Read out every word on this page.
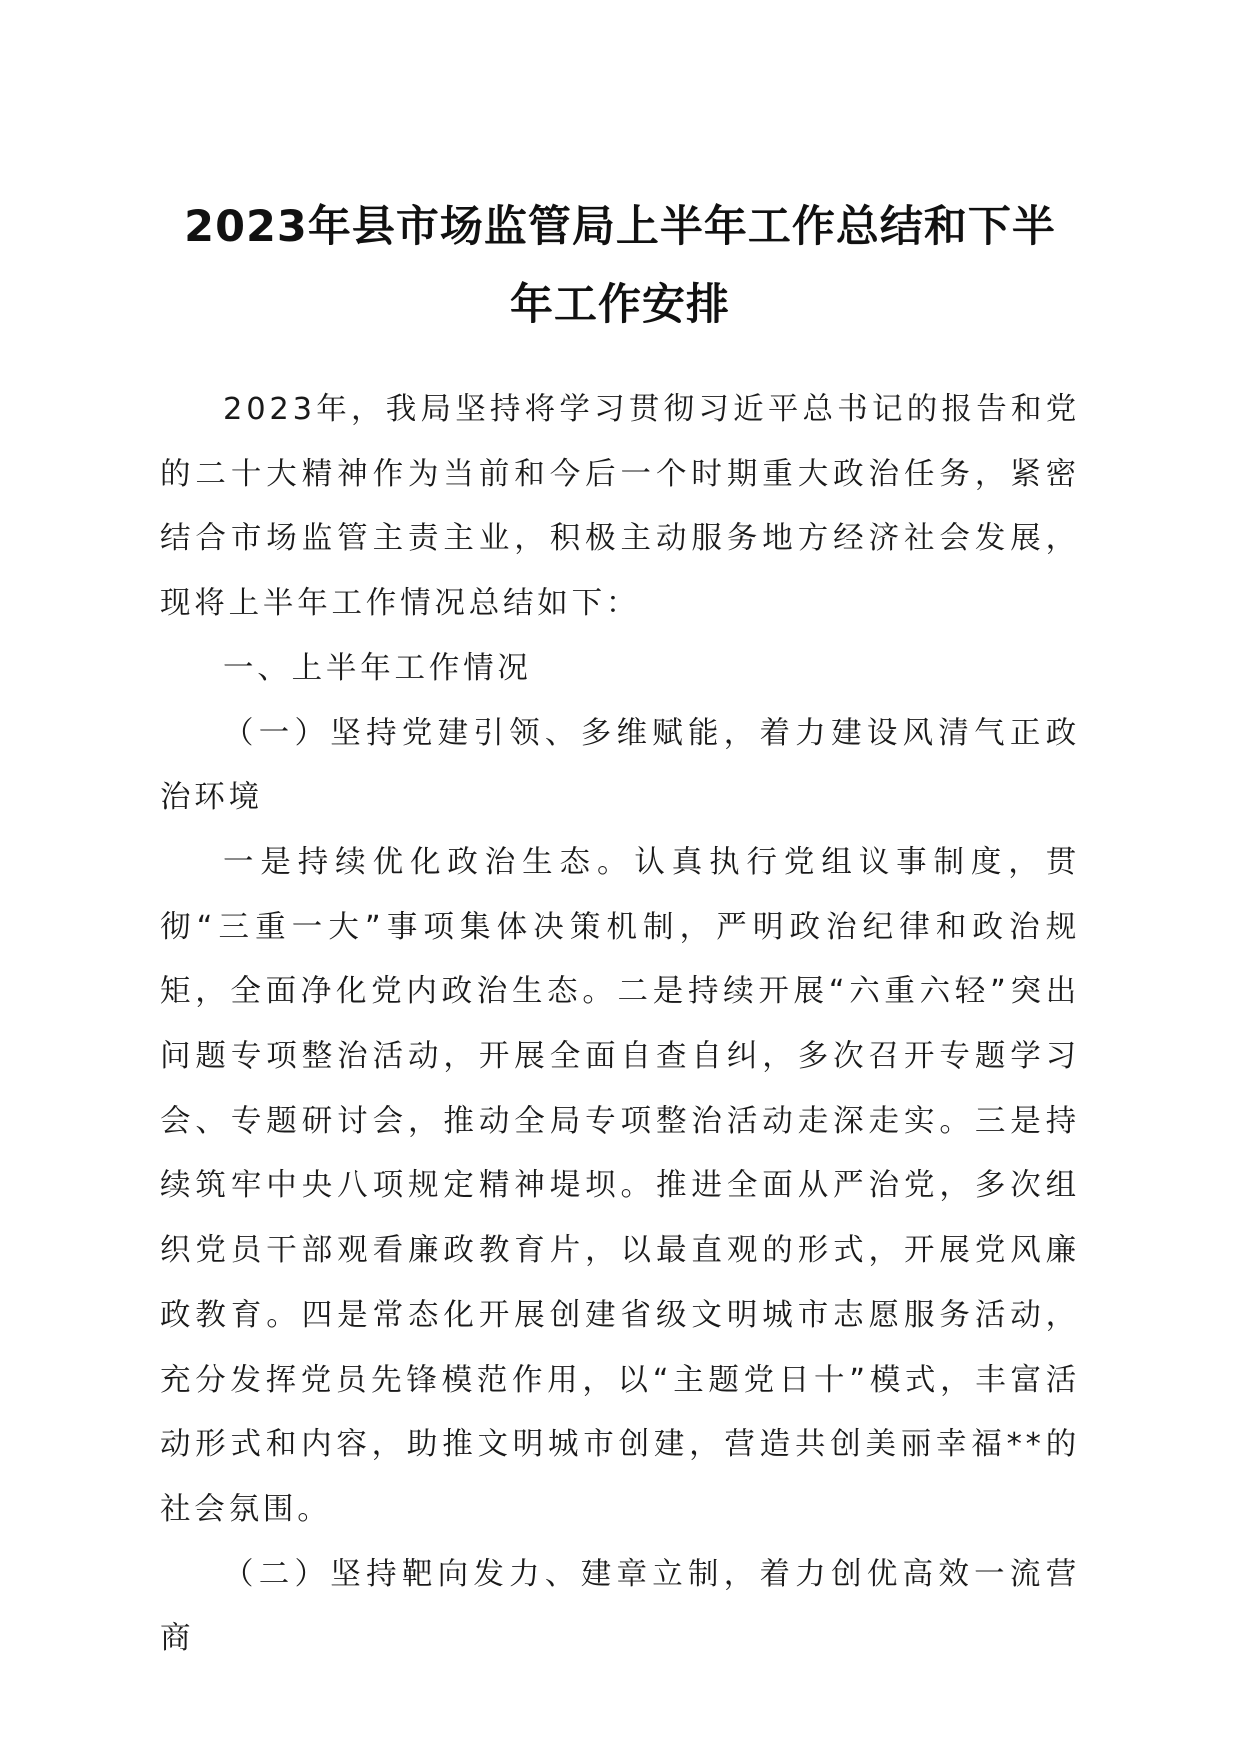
2023年县市场监管局上半年工作总结和下半
年工作安排

2023年，我局坚持将学习贯彻习近平总书记的报告和党的二十大精神作为当前和今后一个时期重大政治任务，紧密结合市场监管主责主业，积极主动服务地方经济社会发展，现将上半年工作情况总结如下：

一、上半年工作情况

（一）坚持党建引领、多维赋能，着力建设风清气正政治环境

一是持续优化政治生态。认真执行党组议事制度，贯彻“三重一大”事项集体决策机制，严明政治纪律和政治规矩，全面净化党内政治生态。二是持续开展“六重六轻”突出问题专项整治活动，开展全面自查自纠，多次召开专题学习会、专题研讨会，推动全局专项整治活动走深走实。三是持续筑牢中央八项规定精神堤坝。推进全面从严治党，多次组织党员干部观看廉政教育片，以最直观的形式，开展党风廉政教育。四是常态化开展创建省级文明城市志愿服务活动，充分发挥党员先锋模范作用，以“主题党日十”模式，丰富活动形式和内容，助推文明城市创建，营造共创美丽幸福**的社会氛围。

（二）坚持靶向发力、建章立制，着力创优高效一流营商
